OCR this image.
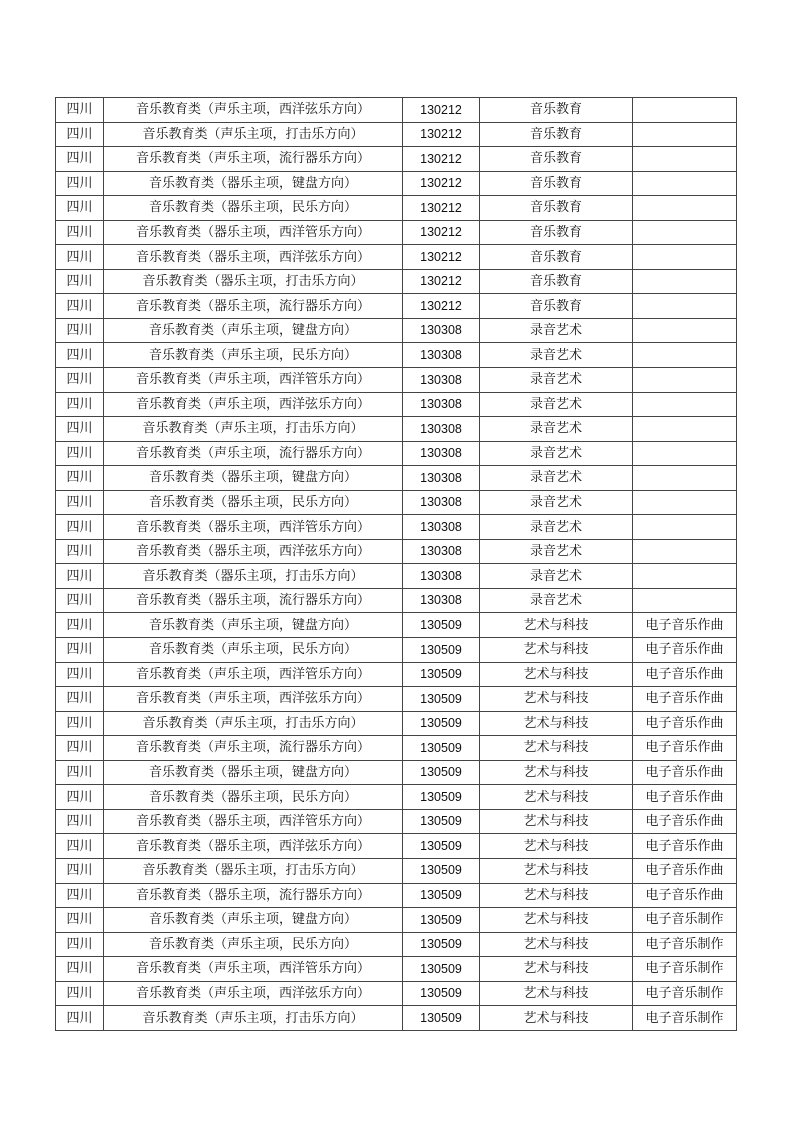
四川	音乐教育类（声乐主项，西洋弦乐方向）	130212	音乐教育	
四川	音乐教育类（声乐主项，打击乐方向）	130212	音乐教育	
四川	音乐教育类（声乐主项，流行器乐方向）	130212	音乐教育	
四川	音乐教育类（器乐主项，键盘方向）	130212	音乐教育	
四川	音乐教育类（器乐主项，民乐方向）	130212	音乐教育	
四川	音乐教育类（器乐主项，西洋管乐方向）	130212	音乐教育	
四川	音乐教育类（器乐主项，西洋弦乐方向）	130212	音乐教育	
四川	音乐教育类（器乐主项，打击乐方向）	130212	音乐教育	
四川	音乐教育类（器乐主项，流行器乐方向）	130212	音乐教育	
四川	音乐教育类（声乐主项，键盘方向）	130308	录音艺术	
四川	音乐教育类（声乐主项，民乐方向）	130308	录音艺术	
四川	音乐教育类（声乐主项，西洋管乐方向）	130308	录音艺术	
四川	音乐教育类（声乐主项，西洋弦乐方向）	130308	录音艺术	
四川	音乐教育类（声乐主项，打击乐方向）	130308	录音艺术	
四川	音乐教育类（声乐主项，流行器乐方向）	130308	录音艺术	
四川	音乐教育类（器乐主项，键盘方向）	130308	录音艺术	
四川	音乐教育类（器乐主项，民乐方向）	130308	录音艺术	
四川	音乐教育类（器乐主项，西洋管乐方向）	130308	录音艺术	
四川	音乐教育类（器乐主项，西洋弦乐方向）	130308	录音艺术	
四川	音乐教育类（器乐主项，打击乐方向）	130308	录音艺术	
四川	音乐教育类（器乐主项，流行器乐方向）	130308	录音艺术	
四川	音乐教育类（声乐主项，键盘方向）	130509	艺术与科技	电子音乐作曲
四川	音乐教育类（声乐主项，民乐方向）	130509	艺术与科技	电子音乐作曲
四川	音乐教育类（声乐主项，西洋管乐方向）	130509	艺术与科技	电子音乐作曲
四川	音乐教育类（声乐主项，西洋弦乐方向）	130509	艺术与科技	电子音乐作曲
四川	音乐教育类（声乐主项，打击乐方向）	130509	艺术与科技	电子音乐作曲
四川	音乐教育类（声乐主项，流行器乐方向）	130509	艺术与科技	电子音乐作曲
四川	音乐教育类（器乐主项，键盘方向）	130509	艺术与科技	电子音乐作曲
四川	音乐教育类（器乐主项，民乐方向）	130509	艺术与科技	电子音乐作曲
四川	音乐教育类（器乐主项，西洋管乐方向）	130509	艺术与科技	电子音乐作曲
四川	音乐教育类（器乐主项，西洋弦乐方向）	130509	艺术与科技	电子音乐作曲
四川	音乐教育类（器乐主项，打击乐方向）	130509	艺术与科技	电子音乐作曲
四川	音乐教育类（器乐主项，流行器乐方向）	130509	艺术与科技	电子音乐作曲
四川	音乐教育类（声乐主项，键盘方向）	130509	艺术与科技	电子音乐制作
四川	音乐教育类（声乐主项，民乐方向）	130509	艺术与科技	电子音乐制作
四川	音乐教育类（声乐主项，西洋管乐方向）	130509	艺术与科技	电子音乐制作
四川	音乐教育类（声乐主项，西洋弦乐方向）	130509	艺术与科技	电子音乐制作
四川	音乐教育类（声乐主项，打击乐方向）	130509	艺术与科技	电子音乐制作
